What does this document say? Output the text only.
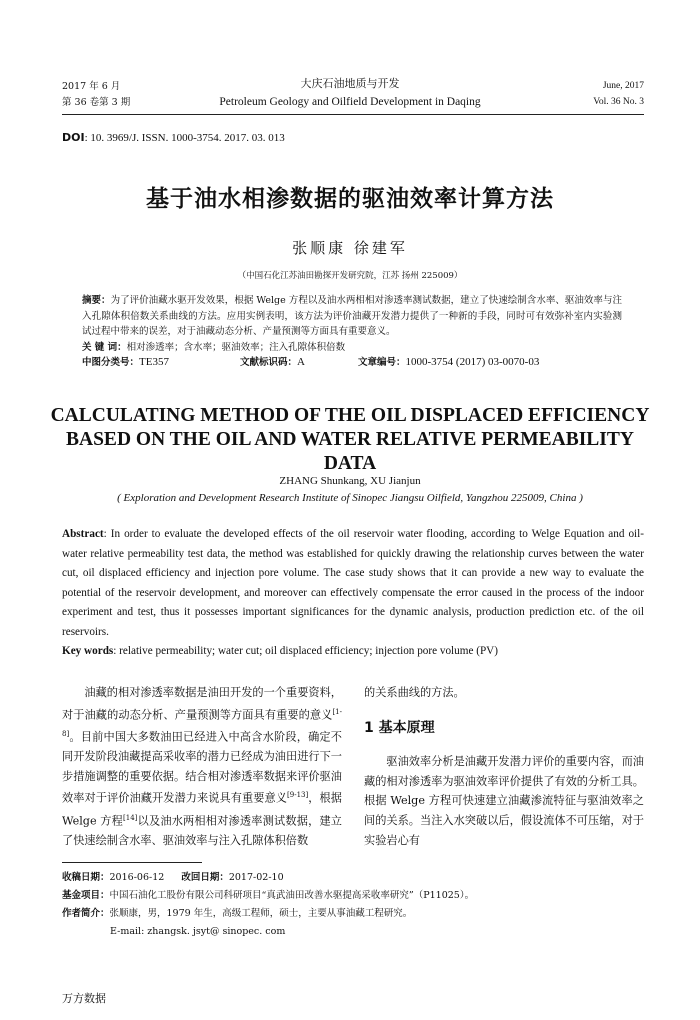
2017 年 6 月
第 36 卷第 3 期
大庆石油地质与开发
Petroleum Geology and Oilfield Development in Daqing
June, 2017
Vol. 36 No. 3
DOI: 10. 3969/J. ISSN. 1000-3754. 2017. 03. 013
基于油水相渗数据的驱油效率计算方法
张顺康 徐建军
（中国石化江苏油田勘探开发研究院，江苏 扬州 225009）
摘要：为了评价油藏水驱开发效果，根据 Welge 方程以及油水两相相对渗透率测试数据，建立了快速绘制含水率、驱油效率与注入孔隙体积倍数关系曲线的方法。应用实例表明，该方法为评价油藏开发潜力提供了一种新的手段，同时可有效弥补室内实验测试过程中带来的误差，对于油藏动态分析、产量预测等方面具有重要意义。
关 键 词：相对渗透率；含水率；驱油效率；注入孔隙体积倍数
中图分类号：TE357	文献标识码：A	文章编号：1000-3754 (2017) 03-0070-03
CALCULATING METHOD OF THE OIL DISPLACED EFFICIENCY BASED ON THE OIL AND WATER RELATIVE PERMEABILITY DATA
ZHANG Shunkang, XU Jianjun
( Exploration and Development Research Institute of Sinopec Jiangsu Oilfield, Yangzhou 225009, China )
Abstract: In order to evaluate the developed effects of the oil reservoir water flooding, according to Welge Equation and oil-water relative permeability test data, the method was established for quickly drawing the relationship curves between the water cut, oil displaced efficiency and injection pore volume. The case study shows that it can provide a new way to evaluate the potential of the reservoir development, and moreover can effectively compensate the error caused in the process of the indoor experiment and test, thus it possesses important significances for the dynamic analysis, production prediction etc. of the oil reservoirs.
Key words: relative permeability; water cut; oil displaced efficiency; injection pore volume (PV)

油藏的相对渗透率数据是油田开发的一个重要资料，对于油藏的动态分析、产量预测等方面具有重要的意义[1-8]。目前中国大多数油田已经进入中高含水阶段，确定不同开发阶段油藏提高采收率的潜力已经成为油田进行下一步措施调整的重要依据。结合相对渗透率数据来评价驱油效率对于评价油藏开发潜力来说具有重要意义[9-13]，根据 Welge 方程[14]以及油水两相相对渗透率测试数据，建立了快速绘制含水率、驱油效率与注入孔隙体积倍数

的关系曲线的方法。
1 基本原理

驱油效率分析是油藏开发潜力评价的重要内容，而油藏的相对渗透率为驱油效率评价提供了有效的分析工具。根据 Welge 方程可快速建立油藏渗流特征与驱油效率之间的关系。当注入水突破以后，假设流体不可压缩，对于实验岩心有

收稿日期：2016-06-12 改回日期：2017-02-10
基金项目：中国石油化工股份有限公司科研项目“真武油田改善水驱提高采收率研究”（P11025）。
作者简介：张顺康，男，1979 年生，高级工程师，硕士，主要从事油藏工程研究。
E-mail: zhangsk. jsyt@ sinopec. com
万方数据
